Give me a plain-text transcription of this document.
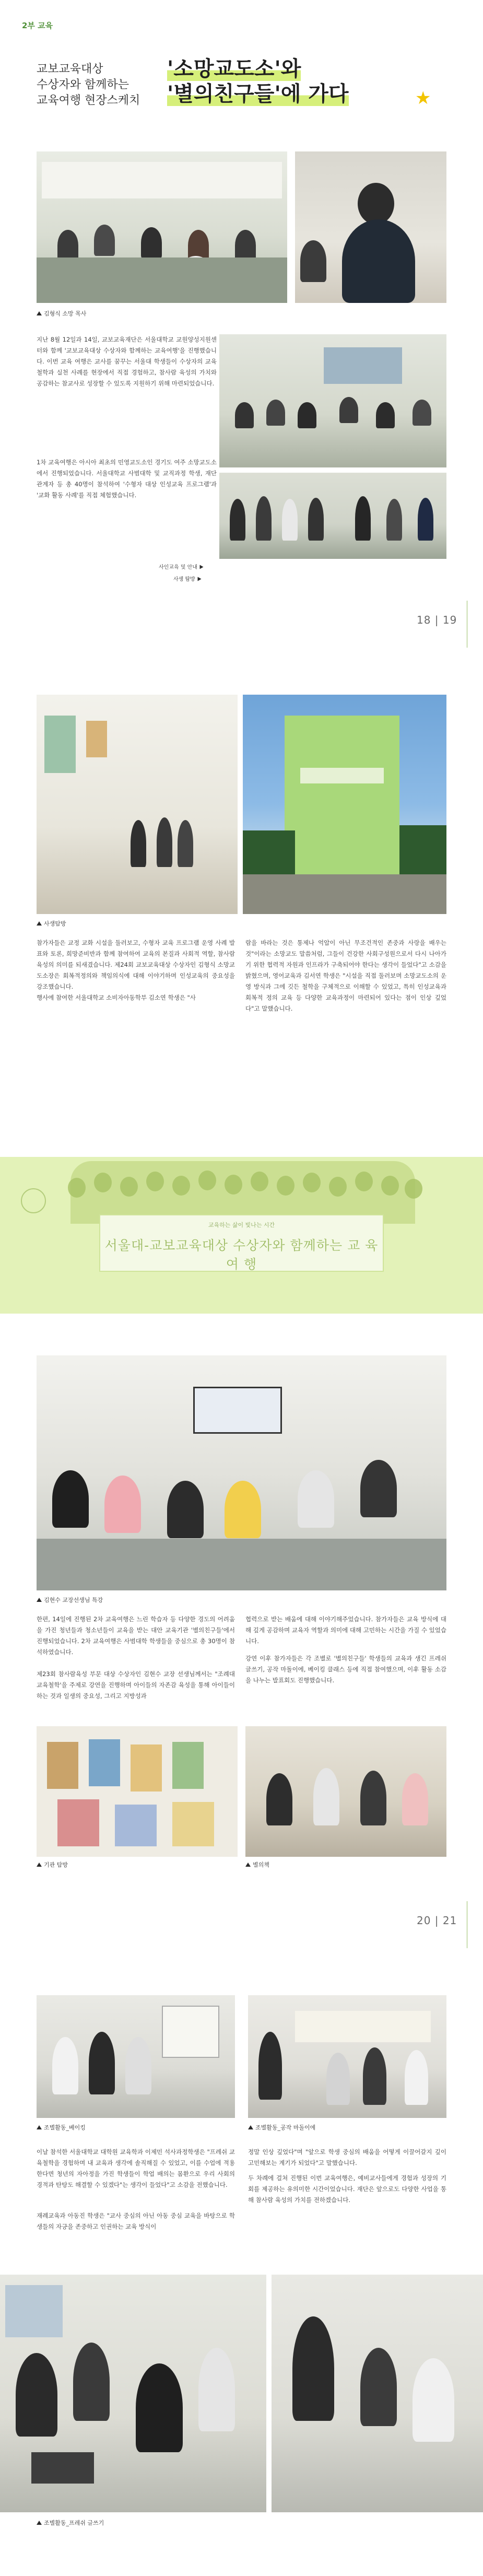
2부 교육
교보교육대상
수상자와 함께하는
교육여행 현장스케치
'소망교도소'와
'별의친구들'에 가다	★
김형식 소망 목사
지난 8월 12일과 14일, 교보교육재단은 서울대학교 교원양성지원센터와 함께 '교보교육대상 수상자와 함께하는 교육여행'을 진행했습니다. 이번 교육 여행은 교사를 꿈꾸는 서울대 학생들이 수상자의 교육 철학과 실천 사례를 현장에서 직접 경험하고, 참사람 육성의 가치와 공감하는 참교사로 성장할 수 있도록 지원하기 위해 마련되었습니다.
1차 교육여행은 아시아 최초의 민영교도소인 경기도 여주 소망교도소에서 진행되었습니다. 서울대학교 사범대학 및 교직과정 학생, 재단 관계자 등 총 40명이 참석하여 '수형자 대상 인성교육 프로그램'과 '교화 활동 사례'를 직접 체험했습니다.
사인교육 및 안내
사생 탐방
18 | 19
사생탐방
참가자들은 교정 교화 시설을 둘러보고, 수형자 교육 프로그램 운영 사례 발표와 토론, 희망준비반과 함께 참여하여 교육의 본질과 사회적 역할, 참사람 육성의 의미를 되새겼습니다. 제24회 교보교육대상 수상자인 김형식 소망교도소장은 회복적정의와 책임의식에 대해 이야기하며 인성교육의 중요성을 강조했습니다.
행사에 참여한 서울대학교 소비자아동학부 김소연 학생은 "사
람을 바라는 것은 통제나 억압이 아닌 무조건적인 존중과 사랑을 배우는 것"이라는 소망교도 말씀처럼, 그들이 건강한 사회구성원으로서 다시 나아가기 위한 협력적 자원과 인프라가 구축되어야 한다는 생각이 들었다"고 소감을 밝혔으며, 영어교육과 김서연 학생은 "시설을 직접 둘러보며 소망교도소의 운영 방식과 그에 깃든 철학을 구체적으로 이해할 수 있었고, 특히 인성교육과 회복적 정의 교육 등 다양한 교육과정이 마련되어 있다는 점이 인상 깊었다"고 말했습니다.
교육하는 삶이 빛나는 시간
서울대-교보교육대상 수상자와 함께하는 교 육 여 행
김현수 교장선생님 특강
한편, 14일에 진행된 2차 교육여행은 느린 학습자 등 다양한 경도의 어려움을 가진 청년들과 청소년들이 교육을 받는 대안 교육기관 '별의친구들'에서 진행되었습니다. 2차 교육여행은 사범대학 학생들을 중심으로 총 30명이 참석하였습니다.
제23회 참사람육성 부문 대상 수상자인 김현수 교장 선생님께서는 "조례대 교육철학'을 주제로 강연을 진행하며 아이들의 자존감 육성을 통해 아이들이 하는 것과 일생의 중요성, 그리고 지방성과
협력으로 받는 배움에 대해 이야기해주었습니다. 참가자들은 교육 방식에 대해 깊게 공감하며 교육자 역할과 의미에 대해 고민하는 시간을 가질 수 있었습니다.
강연 이후 참가자들은 각 조별로 '별의친구들' 학생들의 교육과 생긴 프레쉬 글쓰기, 공작 마돌이에, 베이킹 클래스 등에 직접 참여했으며, 이후 활동 소감을 나누는 발표회도 진행했습니다.
기관 탐방	별의책
20 | 21
조별활동_베이킹	조별활동_공작 마돌이에
이날 참석한 서울대학교 대학원 교육학과 이제민 석사과정학생은 "프레쉬 교육철학을 경험하며 내 교육과 생각에 솔직해질 수 있었고, 이를 수업에 적용한다면 청년의 자아정을 가진 학생들이 학업 배의는 몸환으로 우리 사회의 경적과 탄탕도 해결할 수 있겠다"는 생각이 들었다"고 소감을 전했습니다.
재례교육과 아동진 학생은 "교사 중심의 아닌 아동 중심 교육을 바탕으로 학생들의 자긍을 존중하고 인권하는 교육 방식이
정말 인상 깊었다"며 "앞으로 학생 중심의 배움을 어떻게 이끌어갈지 깊이 고민해보는 계기가 되었다"고 말했습니다.
두 차례에 걸쳐 진행된 이번 교육여행은, 예비교사들에게 경험과 성장의 기회를 제공하는 유의미한 시간이었습니다. 재단은 앞으로도 다양한 사업을 통해 참사람 육성의 가치를 전하겠습니다.
조별활동_프레쉬 글쓰기
